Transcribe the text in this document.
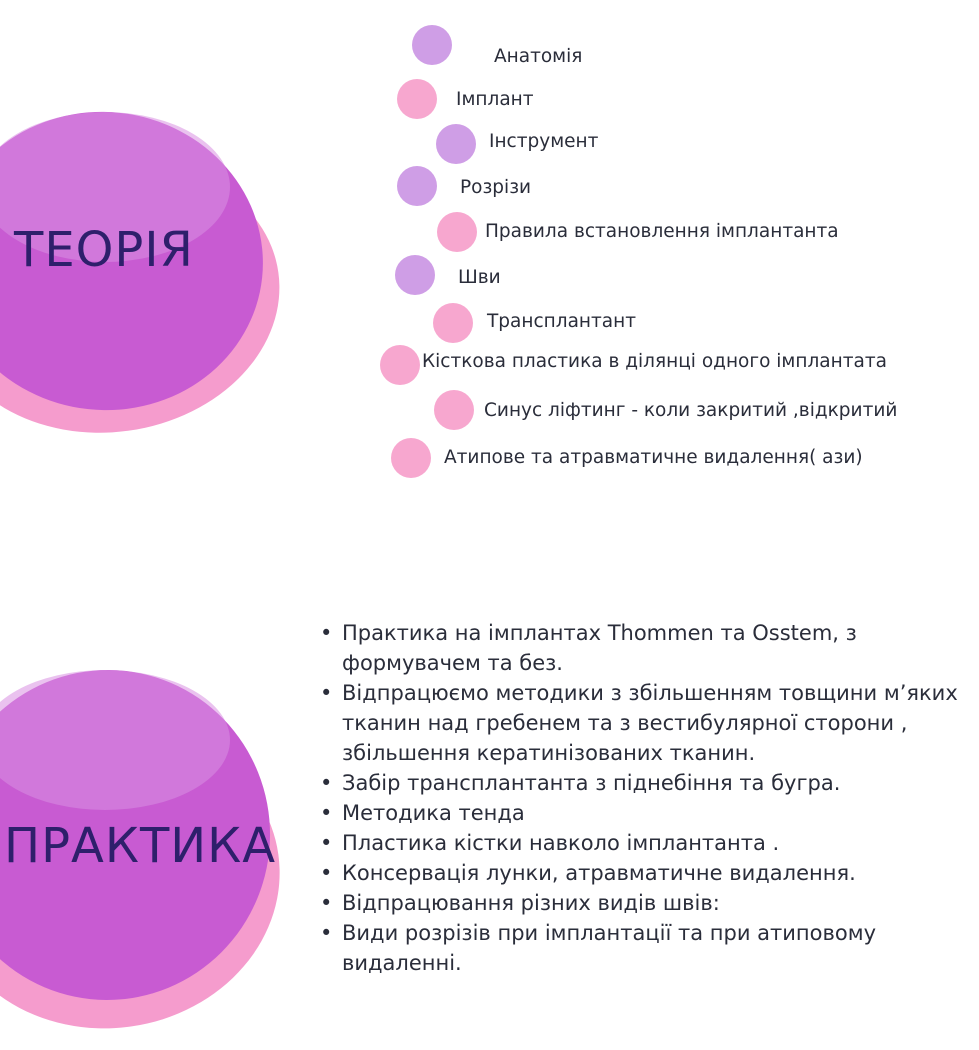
ТЕОРІЯ
Анатомія
Імплант
Інструмент
Розрізи
Правила встановлення імплантанта
Шви
Трансплантант
Кісткова пластика в ділянці одного імплантата
Синус ліфтинг - коли закритий ,відкритий
Атипове та атравматичне видалення( ази)
ПРАКТИКА
• Практика на імплантах Thommen та Osstem, з формувачем та без.
• Відпрацюємо методики з збільшенням товщини м’яких тканин над гребенем та з вестибулярної сторони , збільшення кератинізованих тканин.
• Забір трансплантанта з піднебіння та бугра.
• Методика тенда
• Пластика кістки навколо імплантанта .
• Консервація лунки, атравматичне видалення.
• Відпрацювання різних видів швів:
• Види розрізів при імплантації та при атиповому видаленні.
